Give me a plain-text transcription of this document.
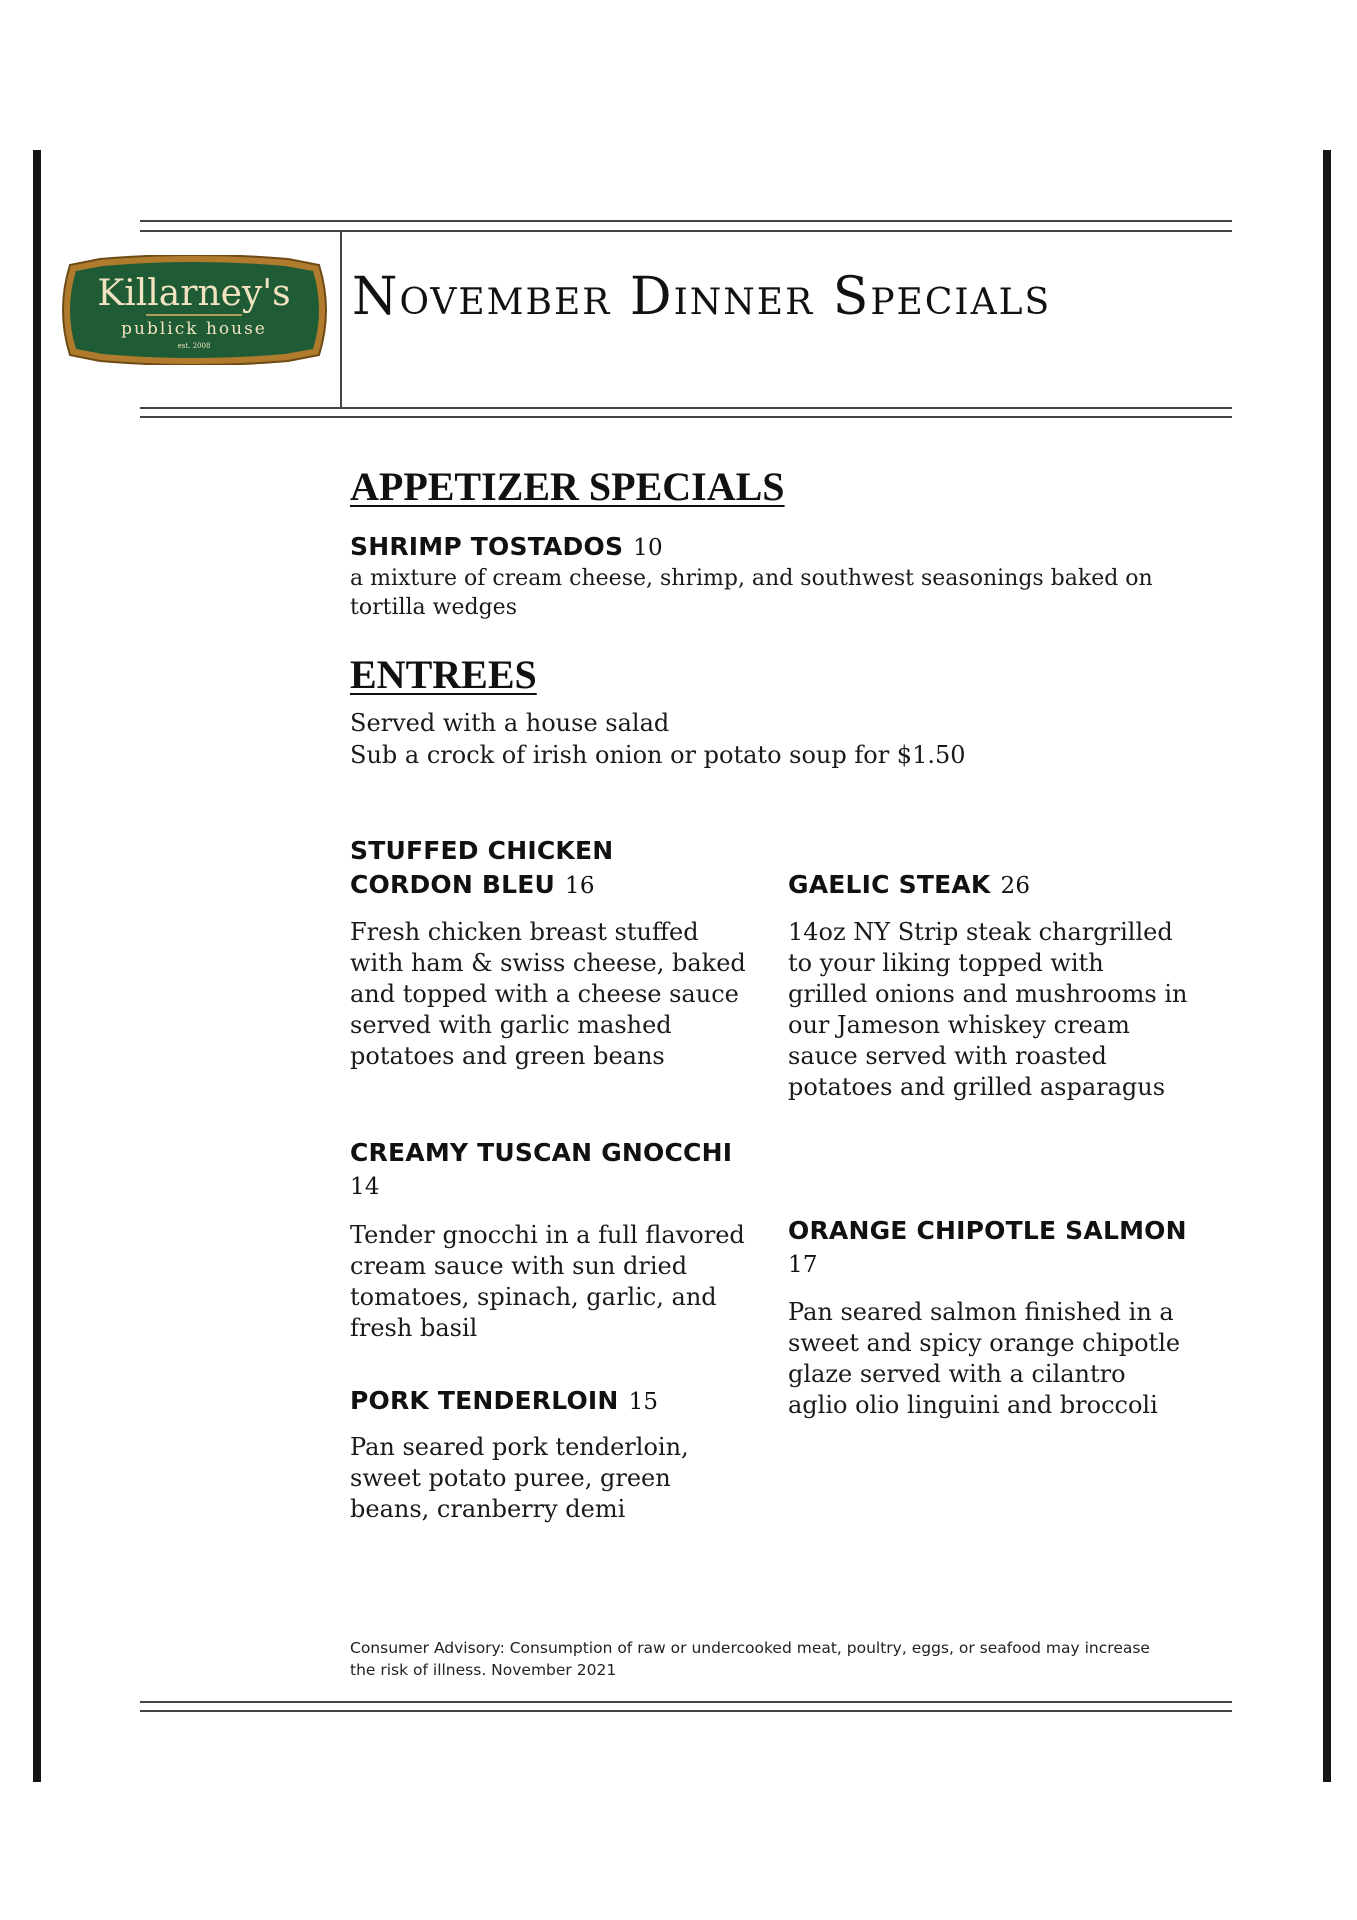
Killarney's
publick house
est. 2008
November Dinner Specials
APPETIZER SPECIALS
SHRIMP TOSTADOS 10

a mixture of cream cheese, shrimp, and southwest seasonings baked on tortilla wedges

ENTREES

Served with a house salad

Sub a crock of irish onion or potato soup for $1.50

STUFFED CHICKEN CORDON BLEU 16

Fresh chicken breast stuffed with ham & swiss cheese, baked and topped with a cheese sauce served with garlic mashed potatoes and green beans

CREAMY TUSCAN GNOCCHI
14

Tender gnocchi in a full flavored cream sauce with sun dried tomatoes, spinach, garlic, and fresh basil

PORK TENDERLOIN 15

Pan seared pork tenderloin, sweet potato puree, green beans, cranberry demi

GAELIC STEAK 26

14oz NY Strip steak chargrilled to your liking topped with grilled onions and mushrooms in our Jameson whiskey cream sauce served with roasted potatoes and grilled asparagus

ORANGE CHIPOTLE SALMON
17

Pan seared salmon finished in a sweet and spicy orange chipotle glaze served with a cilantro aglio olio linguini and broccoli

Consumer Advisory: Consumption of raw or undercooked meat, poultry, eggs, or seafood may increase the risk of illness. November 2021
